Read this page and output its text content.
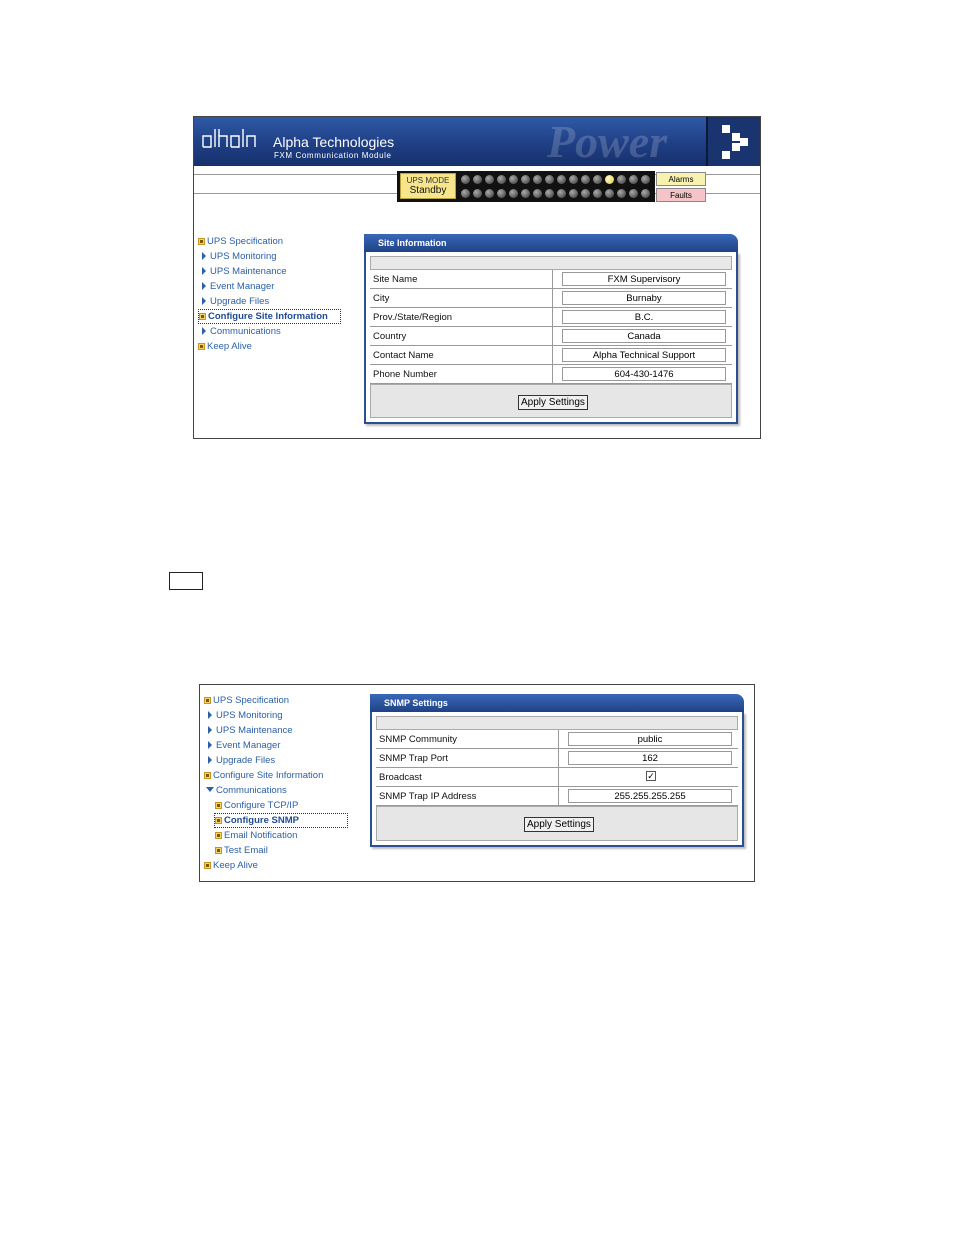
Alpha Technologies
FXM Communication Module	Power
UPS MODE
Standby
Alarms
Faults
UPS Specification
UPS Monitoring
UPS Maintenance
Event Manager
Upgrade Files
Configure Site Information
Communications
Keep Alive
Site Information
Site Name
FXM Supervisory
City
Burnaby
Prov./State/Region
B.C.
Country
Canada
Contact Name
Alpha Technical Support
Phone Number
604-430-1476
Apply Settings
UPS Specification
UPS Monitoring
UPS Maintenance
Event Manager
Upgrade Files
Configure Site Information
Communications
Configure TCP/IP
Configure SNMP
Email Notification
Test Email
Keep Alive
SNMP Settings
SNMP Community
public
SNMP Trap Port
162
Broadcast	✓
SNMP Trap IP Address
255.255.255.255
Apply Settings
